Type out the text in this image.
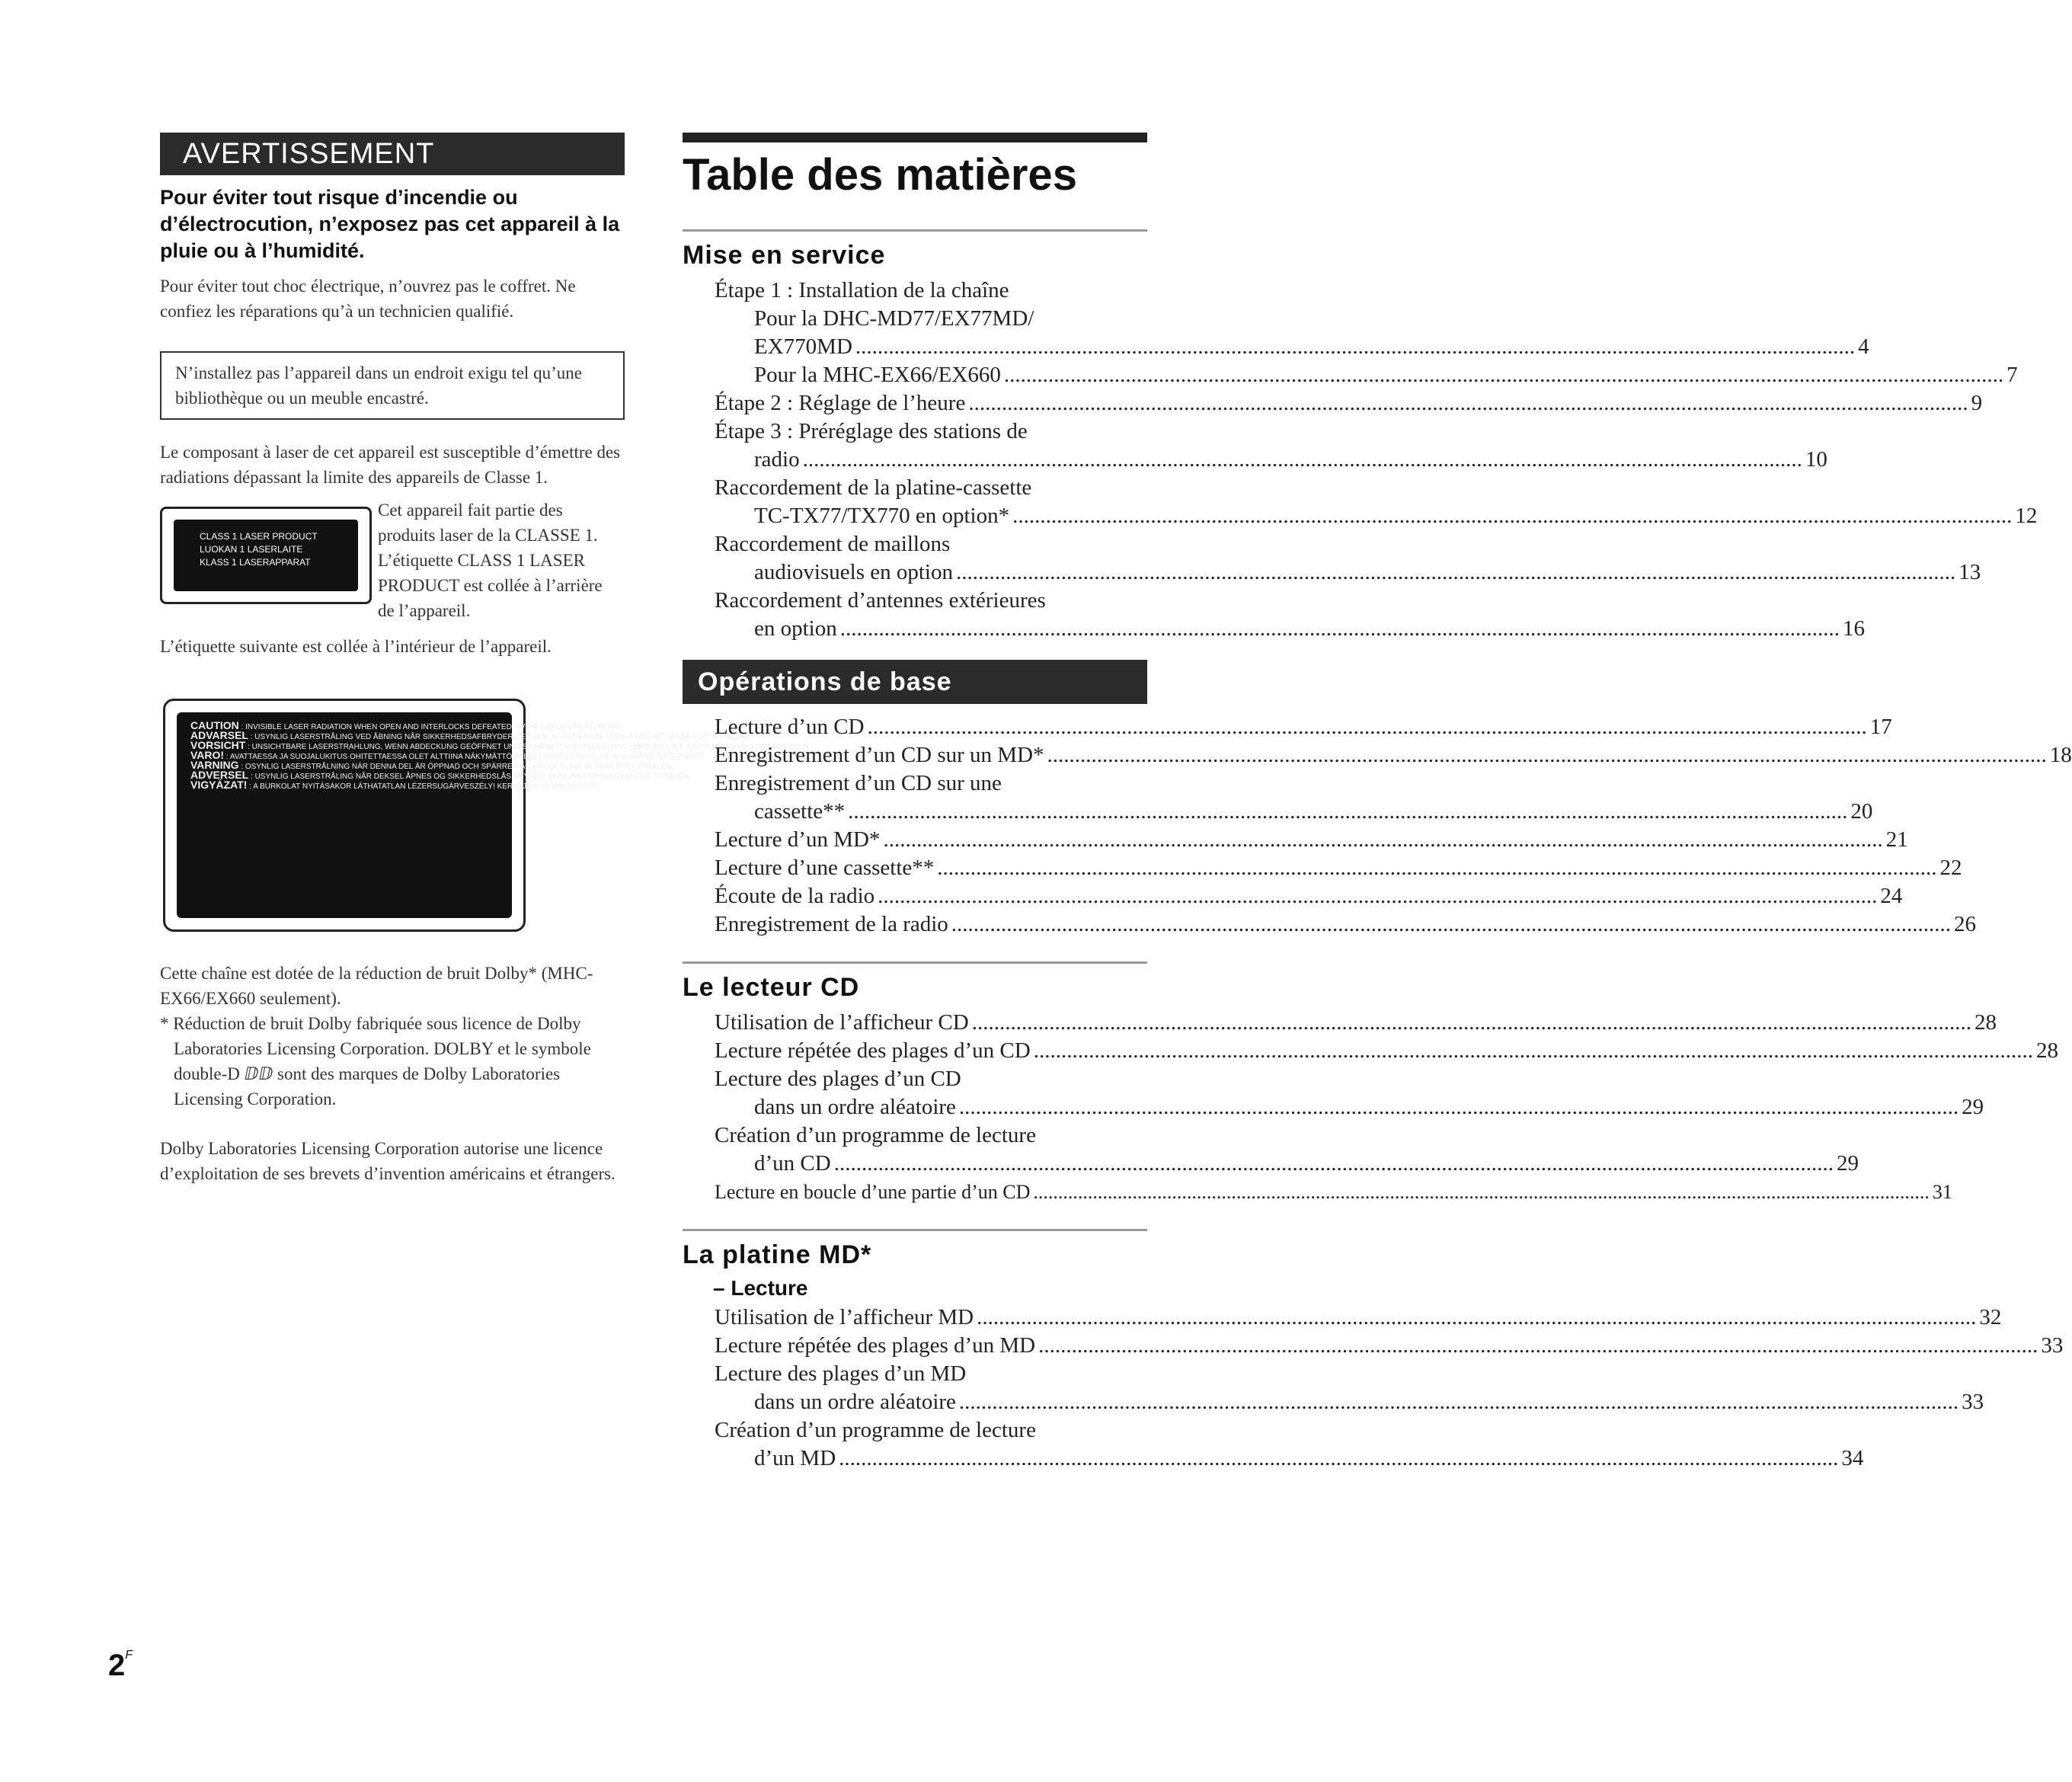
AVERTISSEMENT
Pour éviter tout risque d’incendie ou d’électrocution, n’exposez pas cet appareil à la pluie ou à l’humidité.
Pour éviter tout choc électrique, n’ouvrez pas le coffret. Ne confiez les réparations qu’à un technicien qualifié.
N’installez pas l’appareil dans un endroit exigu tel qu’une bibliothèque ou un meuble encastré.
Le composant à laser de cet appareil est susceptible d’émettre des radiations dépassant la limite des appareils de Classe 1.
CLASS 1 LASER PRODUCT
LUOKAN 1 LASERLAITE
KLASS 1 LASERAPPARAT
Cet appareil fait partie des produits laser de la CLASSE 1. L’étiquette CLASS 1 LASER PRODUCT est collée à l’arrière de l’appareil.
L’étiquette suivante est collée à l’intérieur de l’appareil.
CAUTION : INVISIBLE LASER RADIATION WHEN OPEN AND INTERLOCKS DEFEATED. AVOID EXPOSURE TO BEAM.
ADVARSEL : USYNLIG LASERSTRÅLING VED ÅBNING NÅR SIKKERHEDSAFBRYDERE ER UDE AF FUNKTION. UNDGÅ UDSAETTELSE FOR STRÅLING.
VORSICHT : UNSICHTBARE LASERSTRAHLUNG, WENN ABDECKUNG GEÖFFNET UND SICHEREITSVERRIEGELUNG ÜBERBRÜCKT. NICHT DEM STRAHL AUSSETZEN.
VARO! : AVATTAESSA JA SUOJALUKITUS OHITETTAESSA OLET ALTTIINA NÄKYMÄTTÖMÄLLE LASERSÄTEILYLLE. ÄLÄ KATSO SÄTEESEEN.
VARNING : OSYNLIG LASERSTRÅLNING NÄR DENNA DEL ÄR ÖPPNAD OCH SPÄRREN ÄR URKOPPLAD. BETRAKTA EJ STRÅLEN.
ADVERSEL : USYNLIG LASERSTRÅLING NÅR DEKSEL ÅPNES OG SIKKERHEDSLÅS BRYTES. UNNGÅ EKSPONERING FOR STRÅLEN.
VIGYÁZAT! : A BURKOLAT NYITÁSAKOR LÁTHATATLAN LÉZERSUGÁRVESZÉLY! KERÜLJE A BESUGÁRZÁST!
Cette chaîne est dotée de la réduction de bruit Dolby* (MHC-EX66/EX660 seulement).
* Réduction de bruit Dolby fabriquée sous licence de Dolby Laboratories Licensing Corporation. DOLBY et le symbole double-D ⅅⅅ sont des marques de Dolby Laboratories Licensing Corporation.
Dolby Laboratories Licensing Corporation autorise une licence d’exploitation de ses brevets d’invention américains et étrangers.
Table des matières
Mise en service
Étape 1 : Installation de la chaîne
Pour la DHC-MD77/EX77MD/
EX770MD .....	4
Pour la MHC-EX66/EX660 .....	7
Étape 2 : Réglage de l’heure .....	9
Étape 3 : Préréglage des stations de
radio .....	10
Raccordement de la platine-cassette
TC-TX77/TX770 en option* .....	12
Raccordement de maillons
audiovisuels en option .....	13
Raccordement d’antennes extérieures
en option .....	16
Opérations de base
Lecture d’un CD .....	17
Enregistrement d’un CD sur un MD* .....	18
Enregistrement d’un CD sur une
cassette** .....	20
Lecture d’un MD* .....	21
Lecture d’une cassette** .....	22
Écoute de la radio .....	24
Enregistrement de la radio .....	26
Le lecteur CD
Utilisation de l’afficheur CD .....	28
Lecture répétée des plages d’un CD .....	28
Lecture des plages d’un CD
dans un ordre aléatoire .....	29
Création d’un programme de lecture
d’un CD .....	29
Lecture en boucle d’une partie d’un CD .....	31
La platine MD*
– Lecture
Utilisation de l’afficheur MD .....	32
Lecture répétée des plages d’un MD .....	33
Lecture des plages d’un MD
dans un ordre aléatoire .....	33
Création d’un programme de lecture
d’un MD .....	34
$2^F$
